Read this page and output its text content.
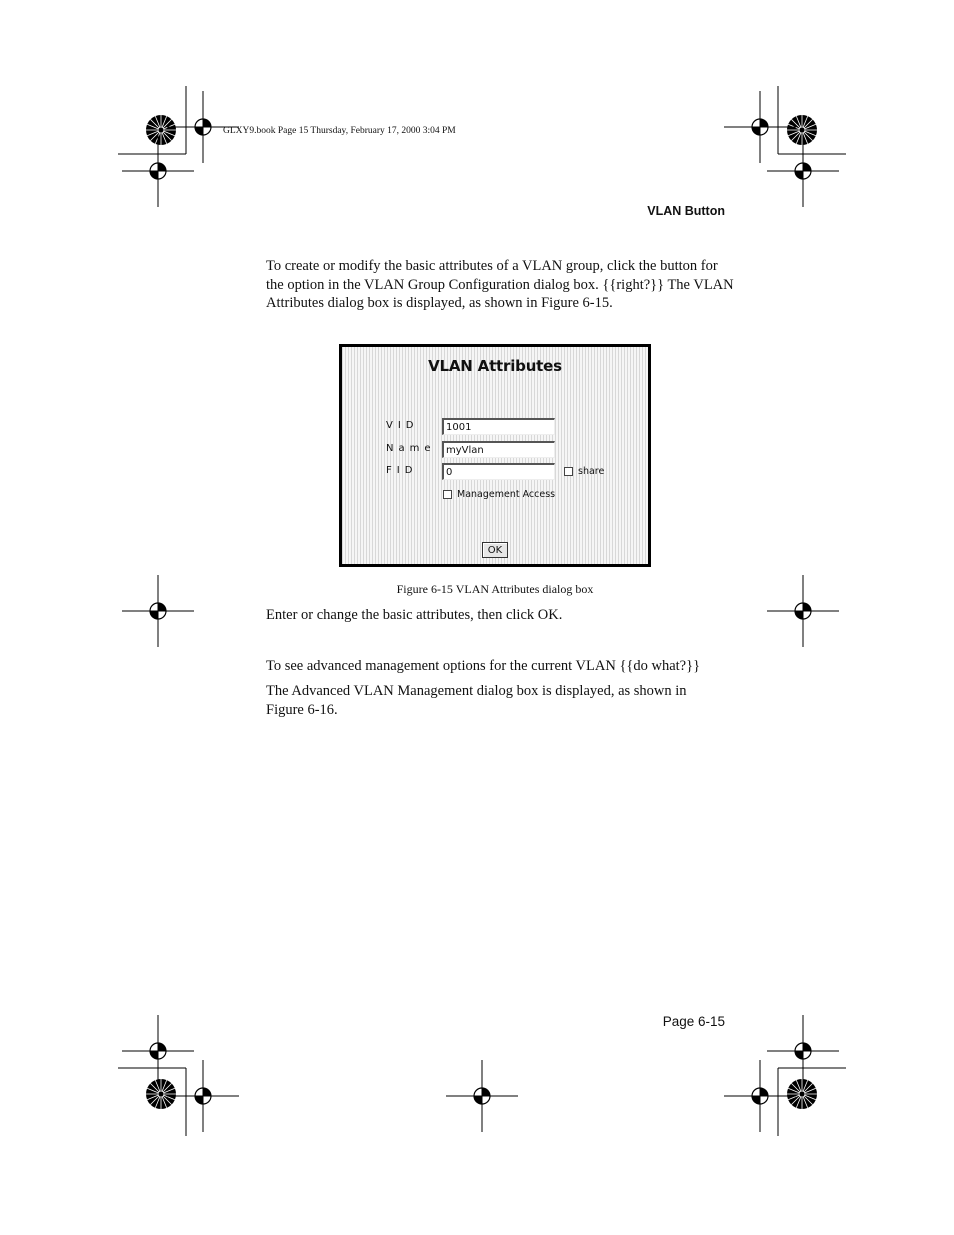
GLXY9.book Page 15 Thursday, February 17, 2000 3:04 PM
VLAN Button
To create or modify the basic attributes of a VLAN group, click the button for the option in the VLAN Group Configuration dialog box. {{right?}} The VLAN Attributes dialog box is displayed, as shown in Figure 6-15.
VLAN Attributes
VID	1001
Name	myVlan
FID	0	share
Management Access
OK
Figure 6-15 VLAN Attributes dialog box
Enter or change the basic attributes, then click OK.
To see advanced management options for the current VLAN {{do what?}}
The Advanced VLAN Management dialog box is displayed, as shown in Figure 6-16.
Page 6-15
